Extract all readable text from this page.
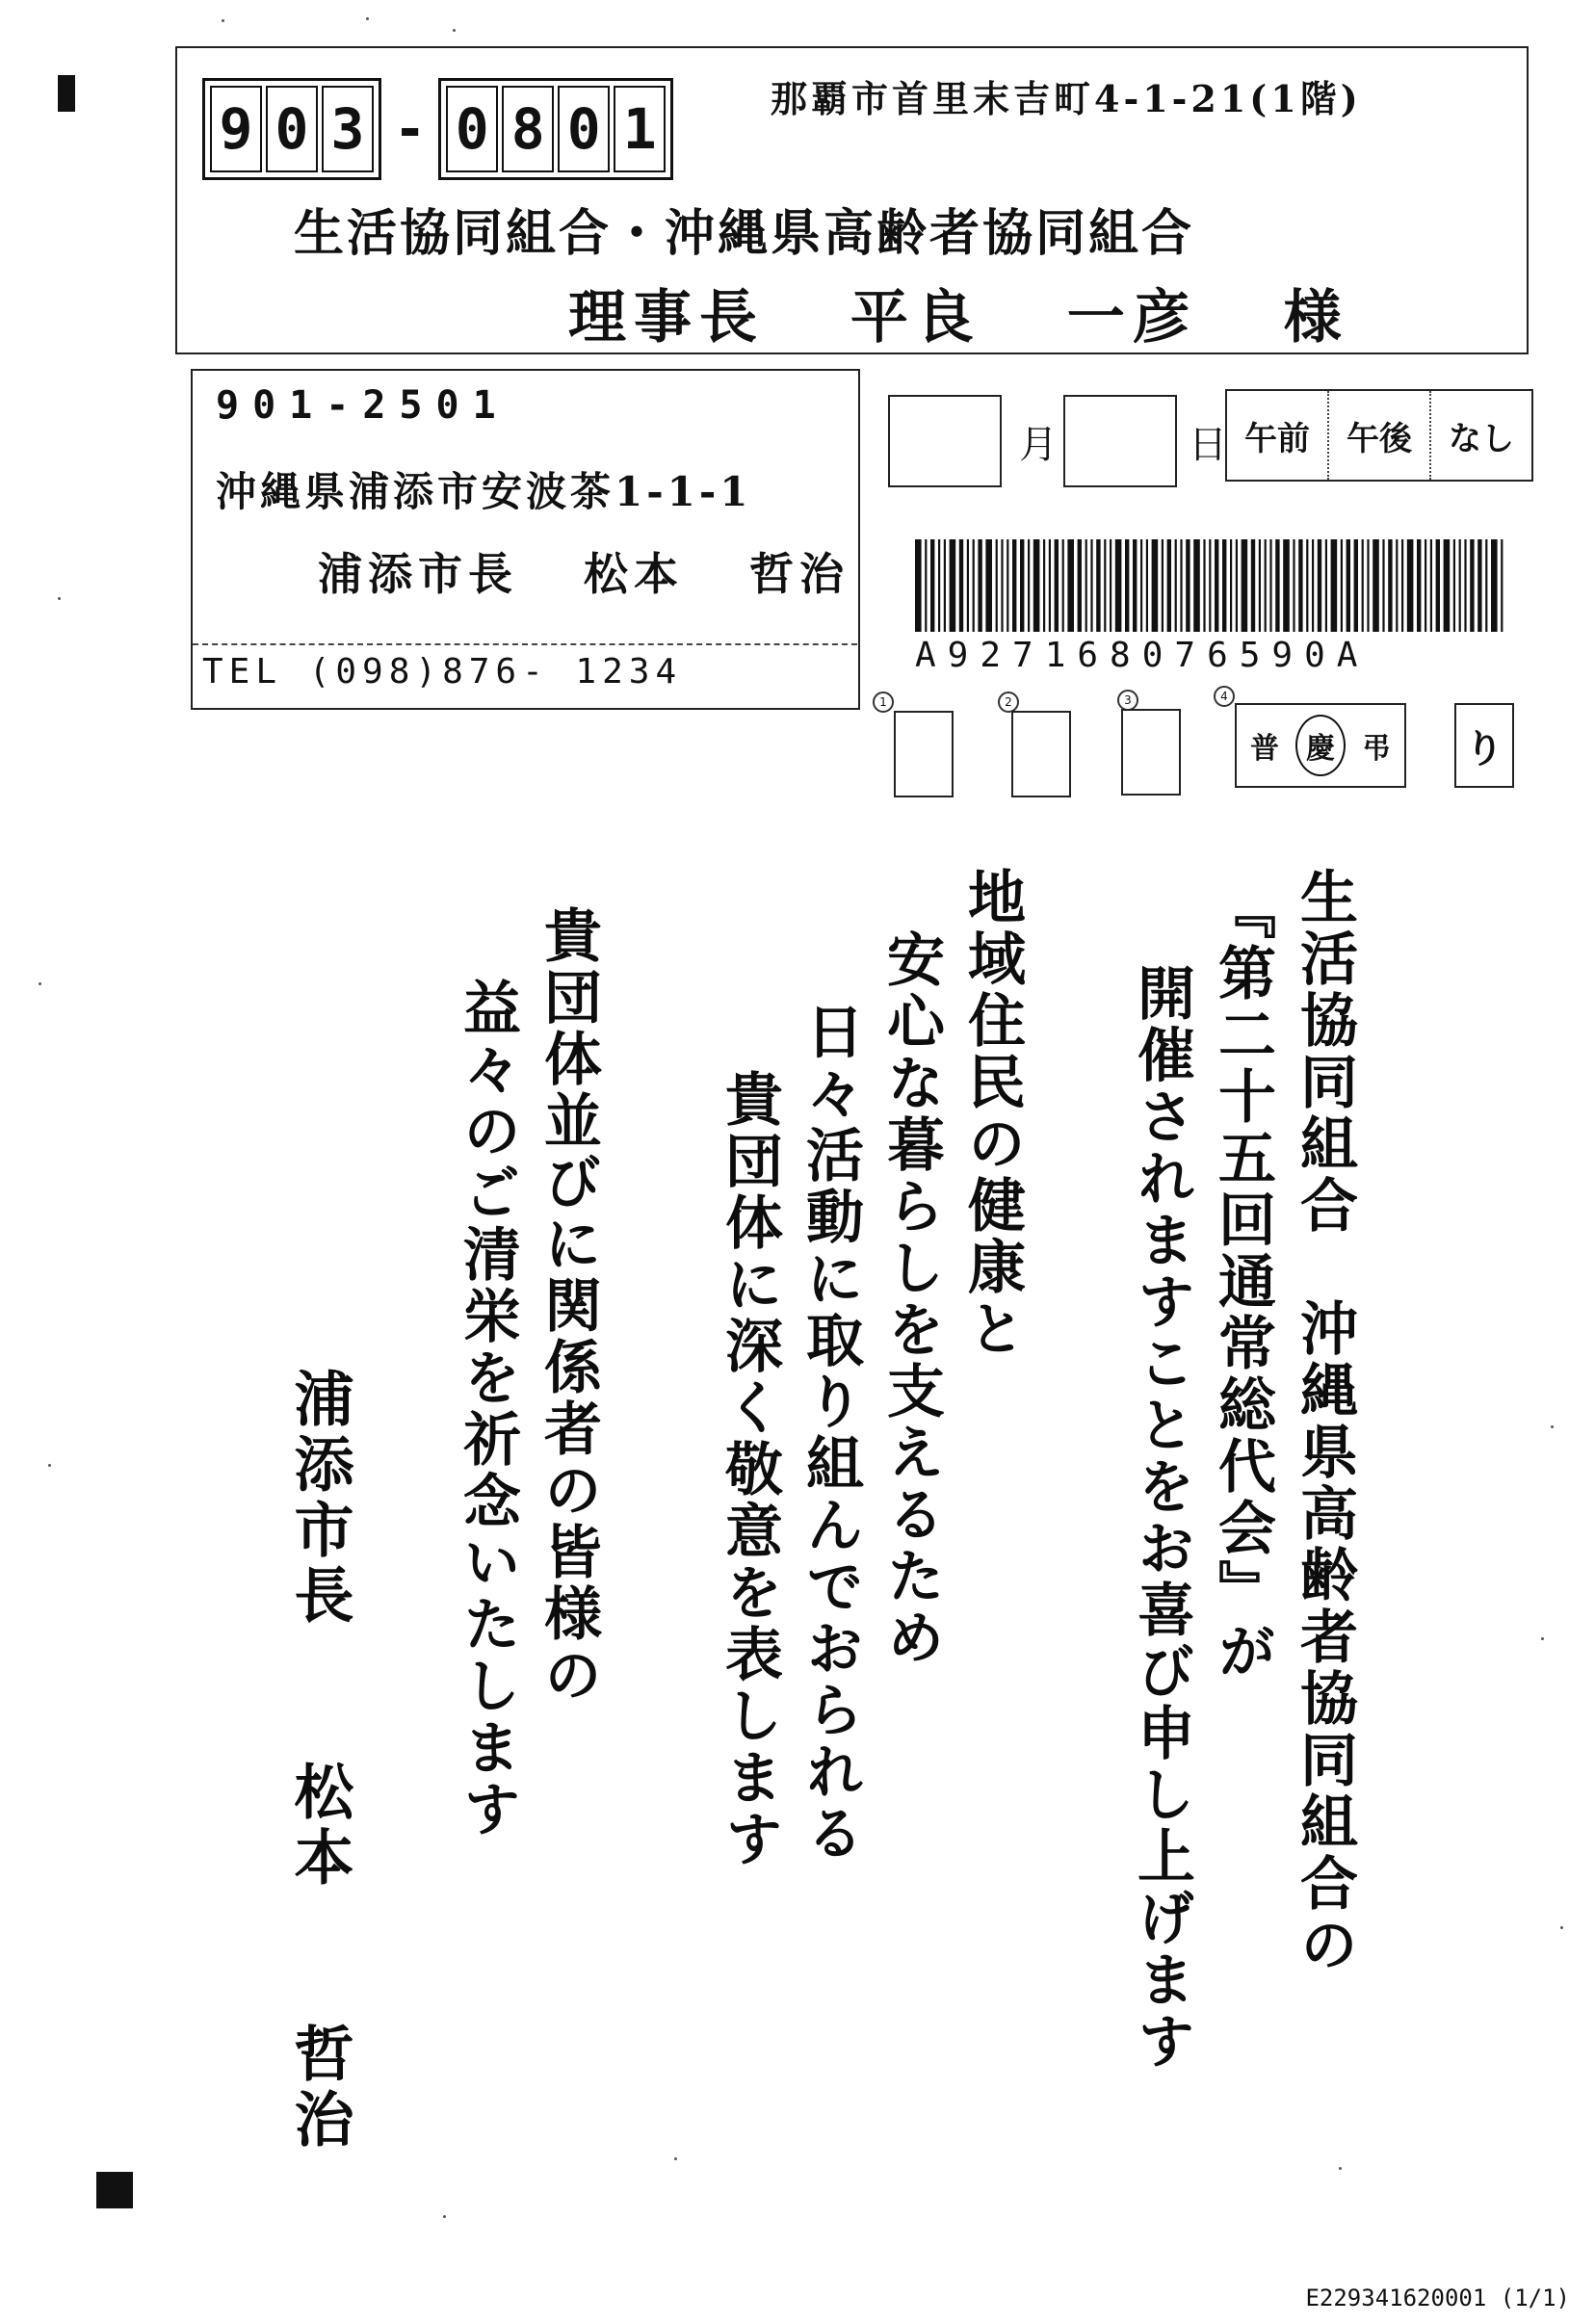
9 0 3 - 0 8 0 1	那覇市首里末吉町4-1-21(1階)
生活協同組合・沖縄県高齢者協同組合
理事長 平良 一彦 様
901-2501
沖縄県浦添市安波茶1-1-1
浦添市長 松本 哲治
TEL (098)876- 1234
月	日 午前	午後	なし
A927168076590A
1	2	3	4
普 慶 弔 り
生活協同組合　沖縄県高齢者協同組合の
『第二十五回通常総代会』が
開催されますことをお喜び申し上げます
地域住民の健康と
安心な暮らしを支えるため
日々活動に取り組んでおられる
貴団体に深く敬意を表します
貴団体並びに関係者の皆様の
益々のご清栄を祈念いたします
浦添市長　　松本　　哲治
E229341620001 (1/1)
